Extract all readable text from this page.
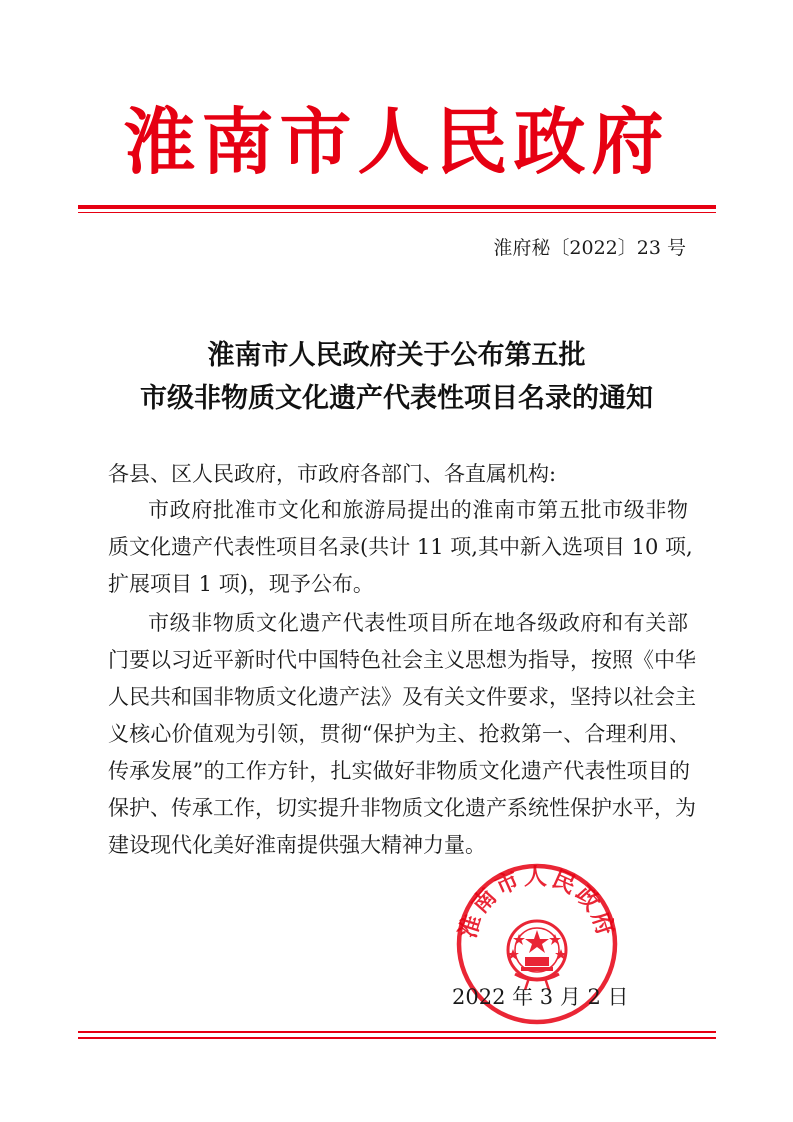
淮南市人民政府
淮府秘〔2022〕23 号
淮南市人民政府关于公布第五批
市级非物质文化遗产代表性项目名录的通知
各县、区人民政府，市政府各部门、各直属机构:
市政府批准市文化和旅游局提出的淮南市第五批市级非物
质文化遗产代表性项目名录(共计 11 项,其中新入选项目 10 项,
扩展项目 1 项)，现予公布。
市级非物质文化遗产代表性项目所在地各级政府和有关部
门要以习近平新时代中国特色社会主义思想为指导，按照《中华
人民共和国非物质文化遗产法》及有关文件要求，坚持以社会主
义核心价值观为引领，贯彻“保护为主、抢救第一、合理利用、
传承发展”的工作方针，扎实做好非物质文化遗产代表性项目的
保护、传承工作，切实提升非物质文化遗产系统性保护水平，为
建设现代化美好淮南提供强大精神力量。
淮南市人民政府
2022 年 3 月 2 日
